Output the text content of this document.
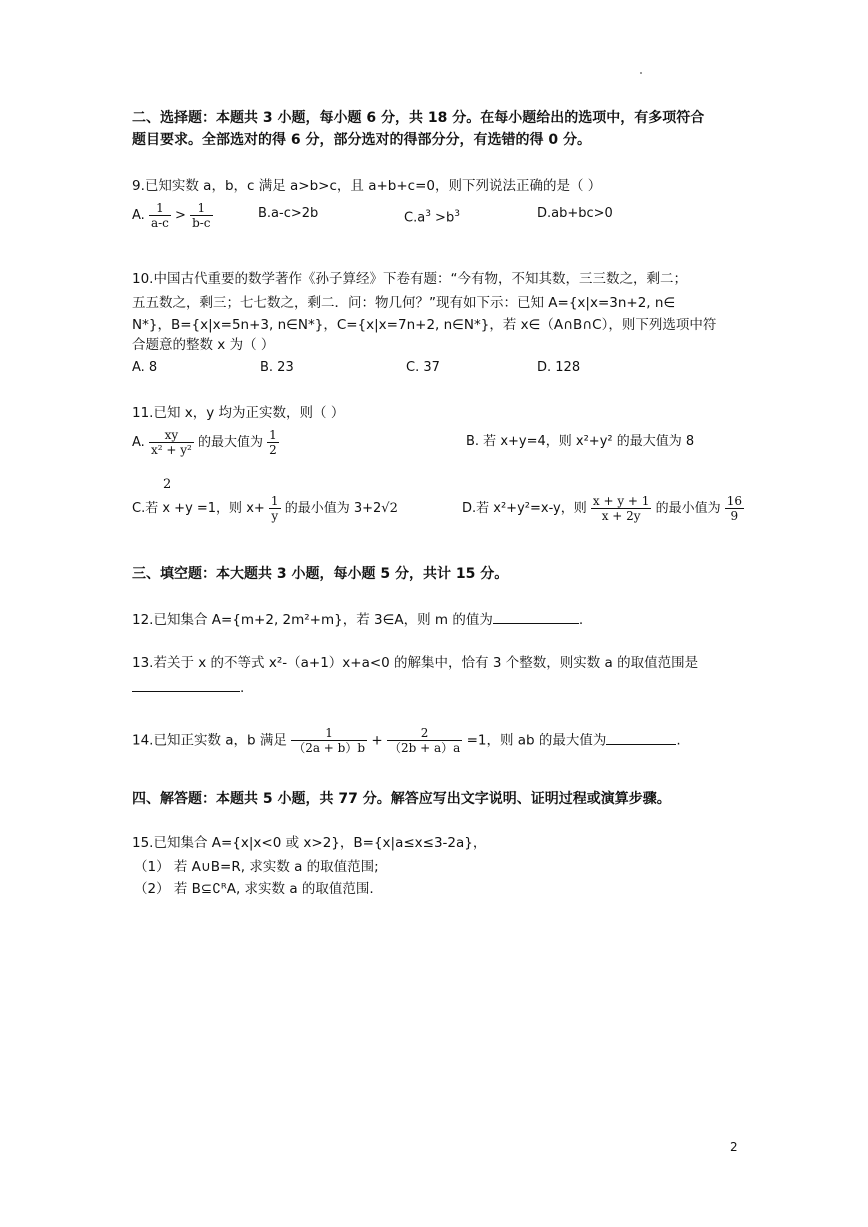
二、选择题：本题共 3 小题，每小题 6 分，共 18 分。在每小题给出的选项中，有多项符合
题目要求。全部选对的得 6 分，部分选对的得部分分，有选错的得 0 分。
9.已知实数 a，b，c 满足 a>b>c，且 a+b+c=0，则下列说法正确的是（ ）
A. $\frac{1}{a-c} > \frac{1}{b-c}$	B.a-c>2b	$C.a^3 >b^3$	D.ab+bc>0
10.中国古代重要的数学著作《孙子算经》下卷有题：“今有物，不知其数，三三数之，剩二；
五五数之，剩三；七七数之，剩二．问：物几何？”现有如下示：已知 A={x|x=3n+2, n∈
N*}，B={x|x=5n+3, n∈N*}，C={x|x=7n+2, n∈N*}，若 x∈（A∩B∩C），则下列选项中符
合题意的整数 x 为（ ）
A. 8	B. 23	C. 37	D. 128
11.已知 x，y 均为正实数，则（ ）
A. $\frac{xy}{\text{x² + y²}}$ 的最大值为 $\frac{1}{2}$	B. 若 x+y=4，则 x²+y² 的最大值为 8
2
C.若 x +y =1，则 $x+ \frac{1}{y}$ 的最小值为 3+2√2	D.若 x²+y²=x-y，则 $\frac{x + y + 1}{x + 2y}$ 的最小值为 $\frac{16}{9}$
三、填空题：本大题共 3 小题，每小题 5 分，共计 15 分。
12.已知集合 A={m+2, 2m²+m}，若 3∈A，则 m 的值为	.
13.若关于 x 的不等式 x²-（a+1）x+a<0 的解集中，恰有 3 个整数，则实数 a 的取值范围是
.
14.已知正实数 a，b 满足 $\frac{1}{(2a + b)b} + \frac{2}{(2b + a)a} =1$，则 ab 的最大值为	.
四、解答题：本题共 5 小题，共 77 分。解答应写出文字说明、证明过程或演算步骤。
15.已知集合 A={x|x<0 或 x>2}，B={x|a≤x≤3-2a}，
（1） 若 A∪B=R, 求实数 a 的取值范围;
（2） 若 B⊆∁ᴿA, 求实数 a 的取值范围.
2
